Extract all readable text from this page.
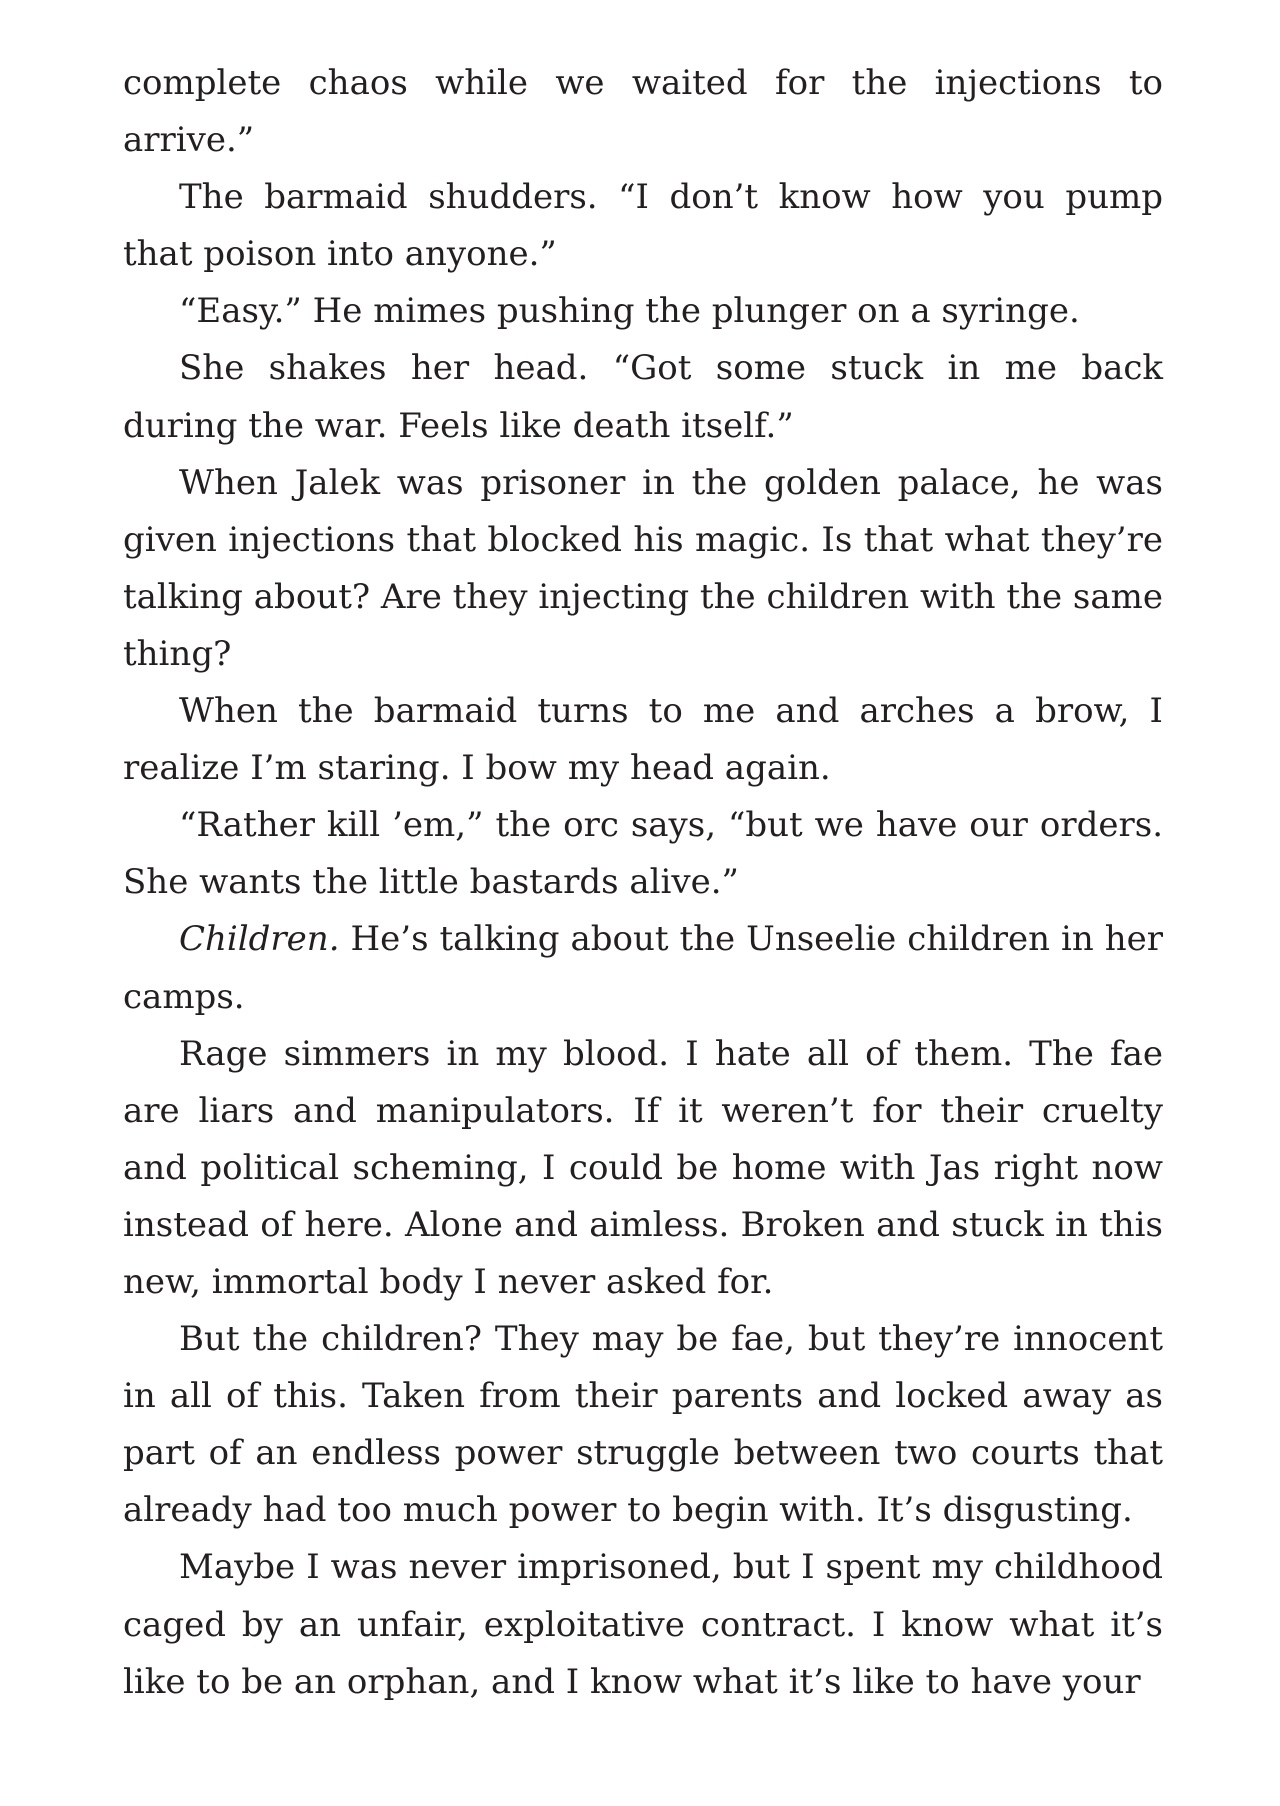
complete chaos while we waited for the injections to arrive.”

The barmaid shudders. “I don’t know how you pump that poison into anyone.”

“Easy.” He mimes pushing the plunger on a syringe.

She shakes her head. “Got some stuck in me back during the war. Feels like death itself.”

When Jalek was prisoner in the golden palace, he was given injections that blocked his magic. Is that what they’re talking about? Are they injecting the children with the same thing?

When the barmaid turns to me and arches a brow, I realize I’m staring. I bow my head again.

“Rather kill ’em,” the orc says, “but we have our orders. She wants the little bastards alive.”

Children. He’s talking about the Unseelie children in her camps.

Rage simmers in my blood. I hate all of them. The fae are liars and manipulators. If it weren’t for their cruelty and political scheming, I could be home with Jas right now instead of here. Alone and aimless. Broken and stuck in this new, immortal body I never asked for.

But the children? They may be fae, but they’re innocent in all of this. Taken from their parents and locked away as part of an endless power struggle between two courts that already had too much power to begin with. It’s disgusting.

Maybe I was never imprisoned, but I spent my childhood caged by an unfair, exploitative contract. I know what it’s like to be an orphan, and I know what it’s like to have your
